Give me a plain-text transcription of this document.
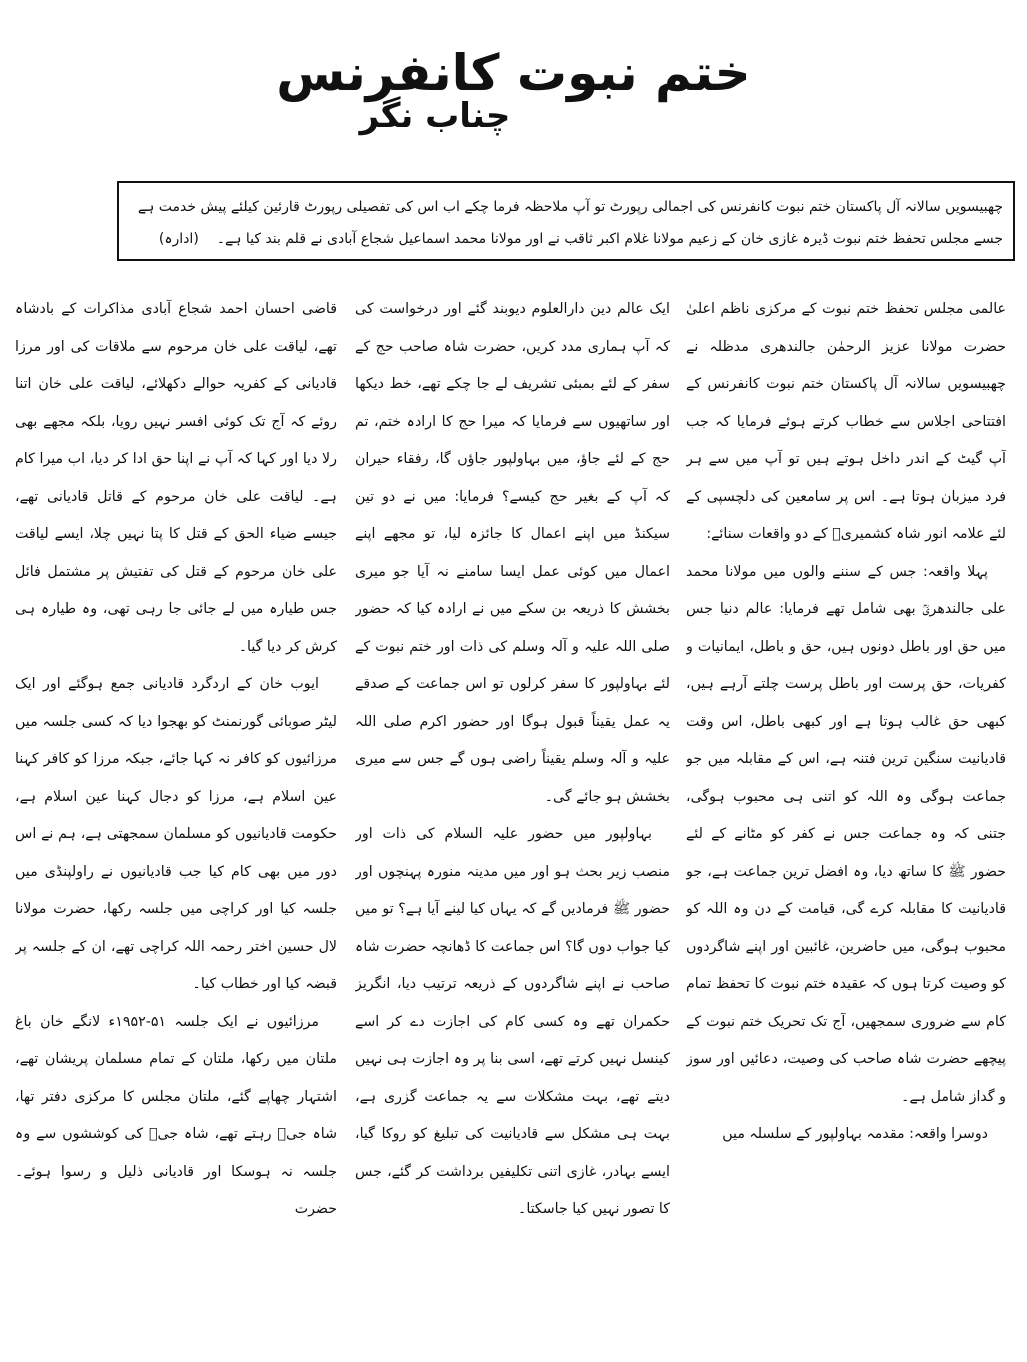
ختم نبوت کانفرنس
چناب نگر
چھبیسویں سالانہ آل پاکستان ختم نبوت کانفرنس کی اجمالی رپورٹ تو آپ ملاحظہ فرما چکے اب اس کی تفصیلی رپورٹ قارئین کیلئے پیش خدمت ہے
جسے مجلس تحفظ ختم نبوت ڈیرہ غازی خان کے زعیم مولانا غلام اکبر ثاقب نے اور مولانا محمد اسماعیل شجاع آبادی نے قلم بند کیا ہے۔(ادارہ)

عالمی مجلس تحفظ ختم نبوت کے مرکزی ناظم اعلیٰ حضرت مولانا عزیز الرحمٰن جالندھری مدظلہ نے چھبیسویں سالانہ آل پاکستان ختم نبوت کانفرنس کے افتتاحی اجلاس سے خطاب کرتے ہوئے فرمایا کہ جب آپ گیٹ کے اندر داخل ہوتے ہیں تو آپ میں سے ہر فرد میزبان ہوتا ہے۔ اس پر سامعین کی دلچسپی کے لئے علامہ انور شاہ کشمیریؒ کے دو واقعات سنائے:

پہلا واقعہ: جس کے سننے والوں میں مولانا محمد علی جالندھریؒ بھی شامل تھے فرمایا: عالم دنیا جس میں حق اور باطل دونوں ہیں، حق و باطل، ایمانیات و کفریات، حق پرست اور باطل پرست چلتے آرہے ہیں، کبھی حق غالب ہوتا ہے اور کبھی باطل، اس وقت قادیانیت سنگین ترین فتنہ ہے، اس کے مقابلہ میں جو جماعت ہوگی وہ اللہ کو اتنی ہی محبوب ہوگی، جتنی کہ وہ جماعت جس نے کفر کو مٹانے کے لئے حضور ﷺ کا ساتھ دیا، وہ افضل ترین جماعت ہے، جو قادیانیت کا مقابلہ کرے گی، قیامت کے دن وہ اللہ کو محبوب ہوگی، میں حاضرین، غائبین اور اپنے شاگردوں کو وصیت کرتا ہوں کہ عقیدہ ختم نبوت کا تحفظ تمام کام سے ضروری سمجھیں، آج تک تحریک ختم نبوت کے پیچھے حضرت شاہ صاحب کی وصیت، دعائیں اور سوز و گداز شامل ہے۔

دوسرا واقعہ: مقدمہ بہاولپور کے سلسلہ میں

ایک عالم دین دارالعلوم دیوبند گئے اور درخواست کی کہ آپ ہماری مدد کریں، حضرت شاہ صاحب حج کے سفر کے لئے بمبئی تشریف لے جا چکے تھے، خط دیکھا اور ساتھیوں سے فرمایا کہ میرا حج کا ارادہ ختم، تم حج کے لئے جاؤ، میں بہاولپور جاؤں گا، رفقاء حیران کہ آپ کے بغیر حج کیسے؟ فرمایا: میں نے دو تین سیکنڈ میں اپنے اعمال کا جائزہ لیا، تو مجھے اپنے اعمال میں کوئی عمل ایسا سامنے نہ آیا جو میری بخشش کا ذریعہ بن سکے میں نے ارادہ کیا کہ حضور صلی اللہ علیہ و آلہ وسلم کی ذات اور ختم نبوت کے لئے بہاولپور کا سفر کرلوں تو اس جماعت کے صدقے یہ عمل یقیناً قبول ہوگا اور حضور اکرم صلی اللہ علیہ و آلہ وسلم یقیناً راضی ہوں گے جس سے میری بخشش ہو جائے گی۔

بہاولپور میں حضور علیہ السلام کی ذات اور منصب زیر بحث ہو اور میں مدینہ منورہ پہنچوں اور حضور ﷺ فرمادیں گے کہ یہاں کیا لینے آیا ہے؟ تو میں کیا جواب دوں گا؟ اس جماعت کا ڈھانچہ حضرت شاہ صاحب نے اپنے شاگردوں کے ذریعہ ترتیب دیا، انگریز حکمران تھے وہ کسی کام کی اجازت دے کر اسے کینسل نہیں کرتے تھے، اسی بنا پر وہ اجازت ہی نہیں دیتے تھے، بہت مشکلات سے یہ جماعت گزری ہے، بہت ہی مشکل سے قادیانیت کی تبلیغ کو روکا گیا، ایسے بہادر، غازی اتنی تکلیفیں برداشت کر گئے، جس کا تصور نہیں کیا جاسکتا۔

قاضی احسان احمد شجاع آبادی مذاکرات کے بادشاہ تھے، لیاقت علی خان مرحوم سے ملاقات کی اور مرزا قادیانی کے کفریہ حوالے دکھلائے، لیاقت علی خان اتنا روئے کہ آج تک کوئی افسر نہیں رویا، بلکہ مجھے بھی رلا دیا اور کہا کہ آپ نے اپنا حق ادا کر دیا، اب میرا کام ہے۔ لیاقت علی خان مرحوم کے قاتل قادیانی تھے، جیسے ضیاء الحق کے قتل کا پتا نہیں چلا، ایسے لیاقت علی خان مرحوم کے قتل کی تفتیش پر مشتمل فائل جس طیارہ میں لے جائی جا رہی تھی، وہ طیارہ ہی کرش کر دیا گیا۔

ایوب خان کے اردگرد قادیانی جمع ہوگئے اور ایک لیٹر صوبائی گورنمنٹ کو بھجوا دیا کہ کسی جلسہ میں مرزائیوں کو کافر نہ کہا جائے، جبکہ مرزا کو کافر کہنا عین اسلام ہے، مرزا کو دجال کہنا عین اسلام ہے، حکومت قادیانیوں کو مسلمان سمجھتی ہے، ہم نے اس دور میں بھی کام کیا جب قادیانیوں نے راولپنڈی میں جلسہ کیا اور کراچی میں جلسہ رکھا، حضرت مولانا لال حسین اختر رحمہ اللہ کراچی تھے، ان کے جلسہ پر قبضہ کیا اور خطاب کیا۔

مرزائیوں نے ایک جلسہ ۵۱-۱۹۵۲ء لانگے خان باغ ملتان میں رکھا، ملتان کے تمام مسلمان پریشان تھے، اشتہار چھاپے گئے، ملتان مجلس کا مرکزی دفتر تھا، شاہ جیؒ رہتے تھے، شاہ جیؒ کی کوششوں سے وہ جلسہ نہ ہوسکا اور قادیانی ذلیل و رسوا ہوئے۔ حضرت
